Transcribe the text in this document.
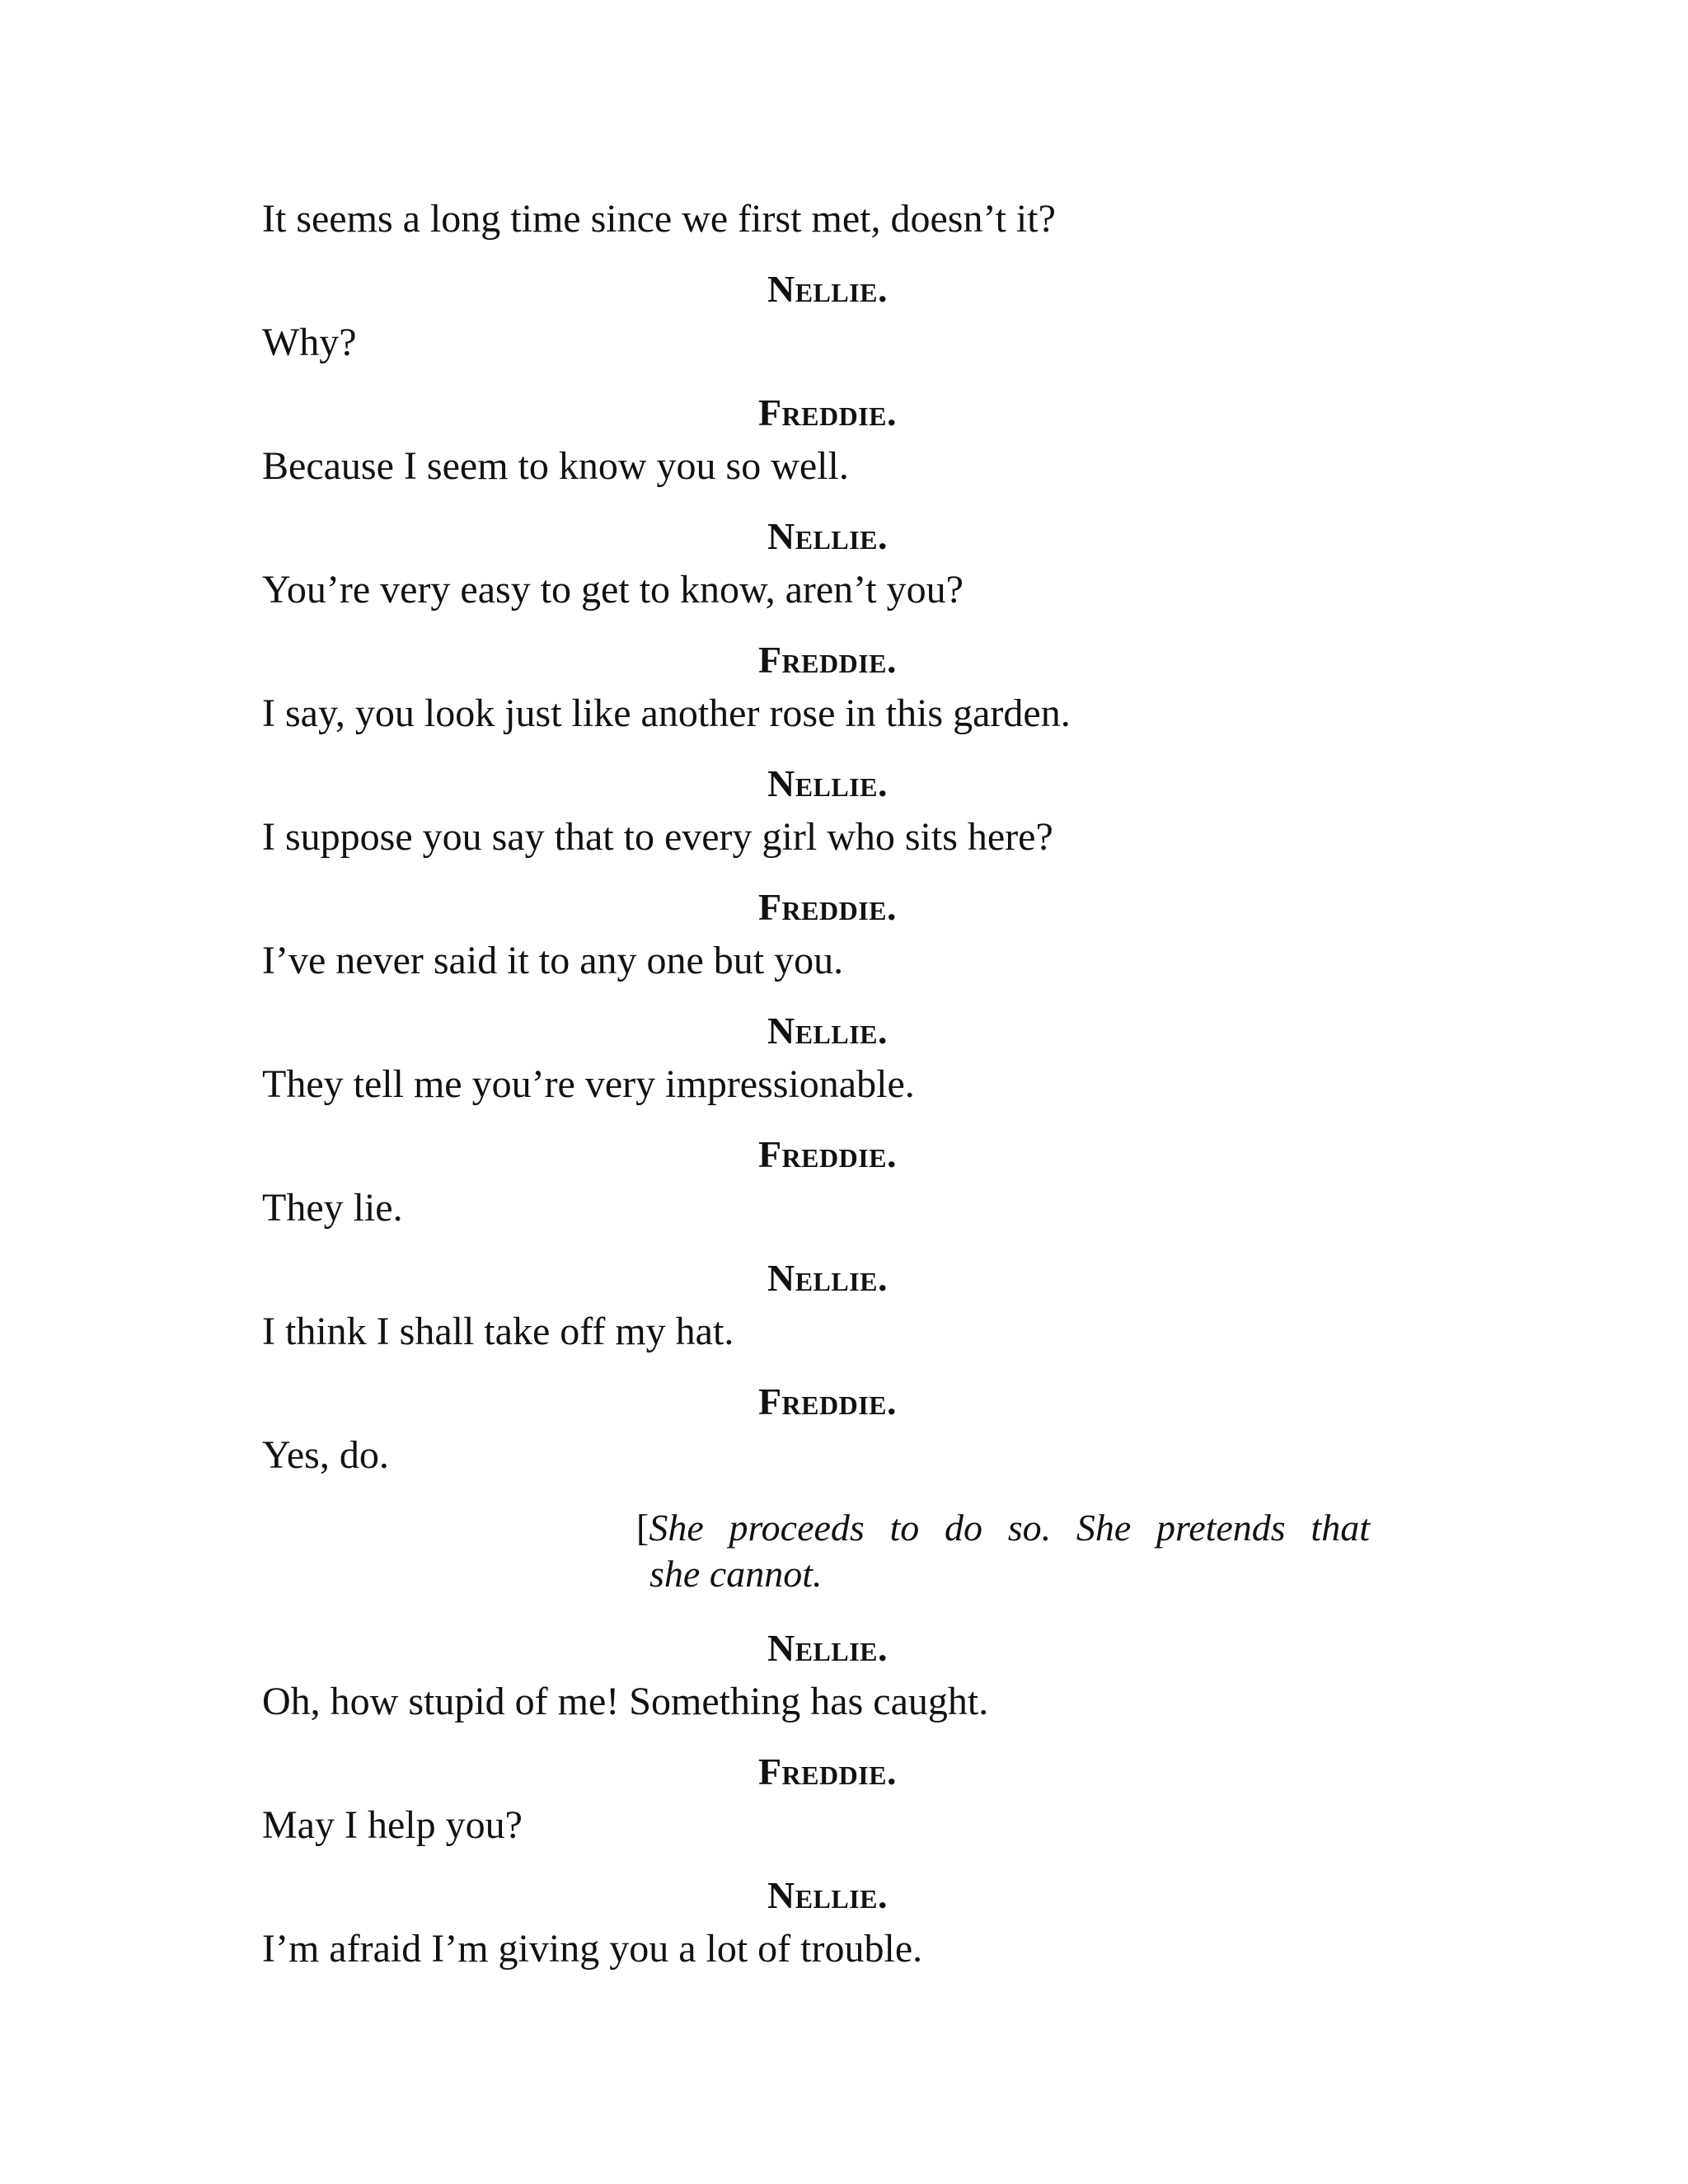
It seems a long time since we first met, doesn’t it?
Nellie.
Why?
Freddie.
Because I seem to know you so well.
Nellie.
You’re very easy to get to know, aren’t you?
Freddie.
I say, you look just like another rose in this garden.
Nellie.
I suppose you say that to every girl who sits here?
Freddie.
I’ve never said it to any one but you.
Nellie.
They tell me you’re very impressionable.
Freddie.
They lie.
Nellie.
I think I shall take off my hat.
Freddie.
Yes, do.
[She proceeds to do so. She pretends that
she cannot.
Nellie.
Oh, how stupid of me! Something has caught.
Freddie.
May I help you?
Nellie.
I’m afraid I’m giving you a lot of trouble.
